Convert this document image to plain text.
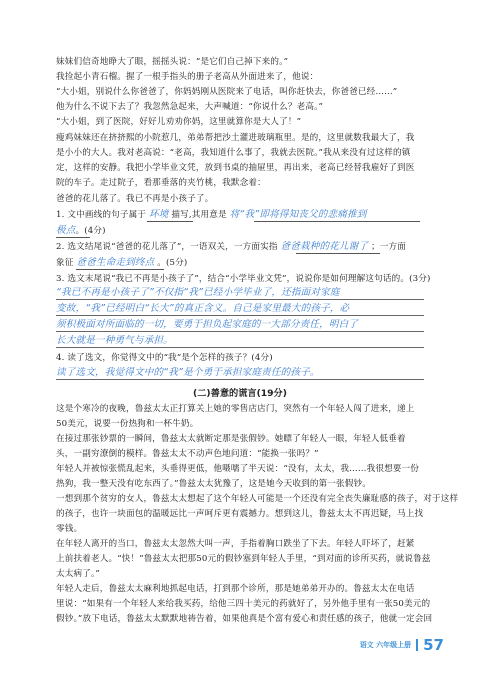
妹妹们信奇地睁大了眼，摇摇头说：“是它们自己掉下来的。”
我捡起小青石榴。握了一根手指头的册子老高从外面进来了，他说：
“大小姐，别说什么你爸爸了，你妈妈刚从医院来了电话，叫你赶快去，你爸爸已经……”
他为什么不说下去了？我忽然急起来，大声喊道：“你说什么？老高。”
“大小姐，到了医院，好好儿劝劝你妈，这里就算你是大人了！”
瘦鸡妹妹还在挤挤熙的小院惹几，弟弟帮把沙土灌进玻璃瓶里。是的，这里就数我最大了，我是小小的大人。我对老高说：“老高，我知道什么事了，我就去医院。”我从来没有过这样的镇定，这样的安静。我把小学毕业文凭，放到书桌的抽屉里，再出来，老高已经替我雇好了到医院的车子。走过院子，看那垂落的夹竹桃，我默念着：
爸爸的花儿落了。我已不再是小孩子了。
1. 文中画线的句子属于 环境 描写,其用意是 将“我”即将得知丧父的悲痛推到
极点。(4分)
2. 选文结尾说“爸爸的花儿落了”，一语双关，一方面实指 爸爸栽种的花儿谢了 ；一方面
象征 爸爸生命走到终点 。(5分)
3. 选文末尾说“我已不再是小孩子了”，结合“小学毕业文凭”，说说你是如何理解这句话的。(3分)
“我已不再是小孩子了”不仅指“我”已经小学毕业了，还指面对家庭
变故，“我”已经明白“长大”的真正含义。自己是家里最大的孩子，必
须积极面对所面临的一切，要勇于担负起家庭的一大部分责任，明白了
长大就是一种勇气与承担。
4. 读了选文，你觉得文中的“我”是个怎样的孩子？(4分)
读了选文，我觉得文中的“我”是个勇于承担家庭责任的孩子。
(二)善意的谎言(19分)
这是个寒冷的夜晚，鲁兹太太正打算关上她的零售店店门，突然有一个年轻人闯了进来，递上
50美元，说要一份热狗和一杯牛奶。
在接过那张钞票的一瞬间，鲁兹太太就断定那是张假钞。她瞟了年轻人一眼，年轻人低垂着
头，一副穷潦倒的模样。鲁兹太太不动声色地问道：“能换一张吗？”
年轻人并被惊张慌乱起来，头垂得更低，他嗫嚅了半天说：“没有，太太，我……我很想要一份
热狗，我一整天没有吃东西了。”鲁兹太太犹豫了，这是她今天收到的第一张假钞。
一想到那个贫穷的女人，鲁兹太太想起了这个年轻人可能是一个还没有完全丧失廉耻感的孩子，对于这样
的孩子，也许一块面包的温暖远比一声呵斥更有震撼力。想到这儿，鲁兹太太不再迟疑，马上找
零钱。
在年轻人离开的当口，鲁兹太太忽然大叫一声，手指着胸口跌坐了下去。年轻人吓坏了，赶紧
上前扶着老人。“快！”鲁兹太太把那50元的假钞塞到年轻人手里，“到对面的诊所买药，就说鲁兹
太太病了。”
年轻人走后，鲁兹太太麻利地抓起电话，打到那个诊所，那是她弟弟开办的。鲁兹太太在电话
里说：“如果有一个年轻人来给我买药，给他三四十美元的药就好了，另外他手里有一张50美元的
假钞。”放下电话，鲁兹太太默默地祷告着，如果他真是个富有爱心和责任感的孩子，他就一定会回
语文 六年级上册 57
